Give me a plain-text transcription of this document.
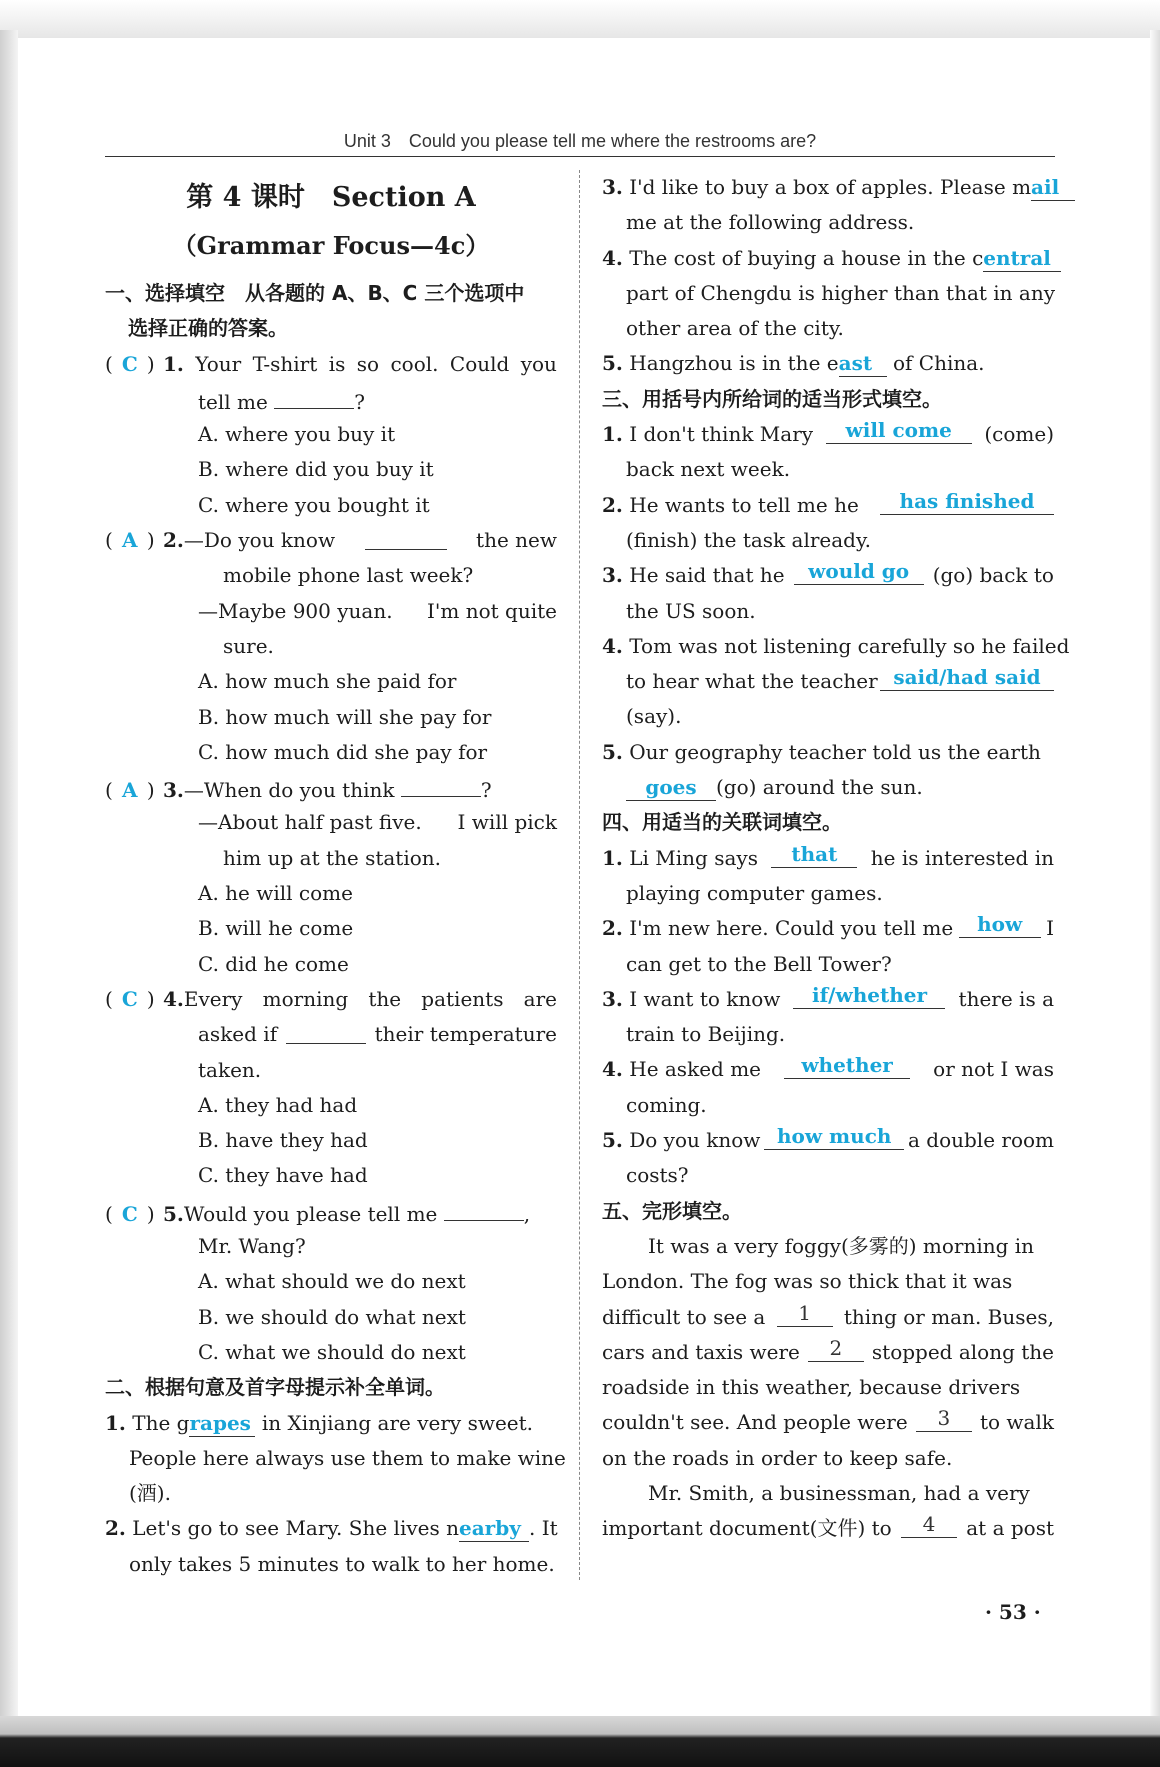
Unit 3　Could you please tell me where the restrooms are?
第 4 课时　Section A
（Grammar Focus—4c）
一、选择填空　从各题的 A、B、C 三个选项中
选择正确的答案。
( C ) 1. Your T-shirt is so cool. Could you
tell me	?
A. where you buy it
B. where did you buy it
C. where you bought it
( A ) 2.—Do you know	the new
mobile phone last week?
—Maybe 900 yuan. I'm not quite
sure.
A. how much she paid for
B. how much will she pay for
C. how much did she pay for
( A ) 3.—When do you think	?
—About half past five. I will pick
him up at the station.
A. he will come
B. will he come
C. did he come
( C ) 4.Every morning the patients are
asked if	their temperature
taken.
A. they had had
B. have they had
C. they have had
( C ) 5.Would you please tell me	,
Mr. Wang?
A. what should we do next
B. we should do what next
C. what we should do next
二、根据句意及首字母提示补全单词。
1. The grapes in Xinjiang are very sweet.
People here always use them to make wine
(酒).
2. Let's go to see Mary. She lives nearby . It
only takes 5 minutes to walk to her home.
3. I'd like to buy a box of apples. Please mail
me at the following address.
4. The cost of buying a house in the central
part of Chengdu is higher than that in any
other area of the city.
5. Hangzhou is in the east of China.
三、用括号内所给词的适当形式填空。
1. I don't think Mary	will come	(come)
back next week.
2. He wants to tell me he	has finished
(finish) the task already.
3. He said that he	would go	(go) back to
the US soon.
4. Tom was not listening carefully so he failed
to hear what the teacher said/had said
(say).
5. Our geography teacher told us the earth
goes (go) around the sun.
四、用适当的关联词填空。
1. Li Ming says	that	he is interested in
playing computer games.
2. I'm new here. Could you tell me	how	I
can get to the Bell Tower?
3. I want to know	if/whether	there is a
train to Beijing.
4. He asked me	whether	or not I was
coming.
5. Do you know how much a double room
costs?
五、完形填空。
It was a very foggy(多雾的) morning in
London. The fog was so thick that it was
difficult to see a	1	thing or man. Buses,
cars and taxis were	2	stopped along the
roadside in this weather, because drivers
couldn't see. And people were	3	to walk
on the roads in order to keep safe.
Mr. Smith, a businessman, had a very
important document(文件) to	4	at a post
· 53 ·
